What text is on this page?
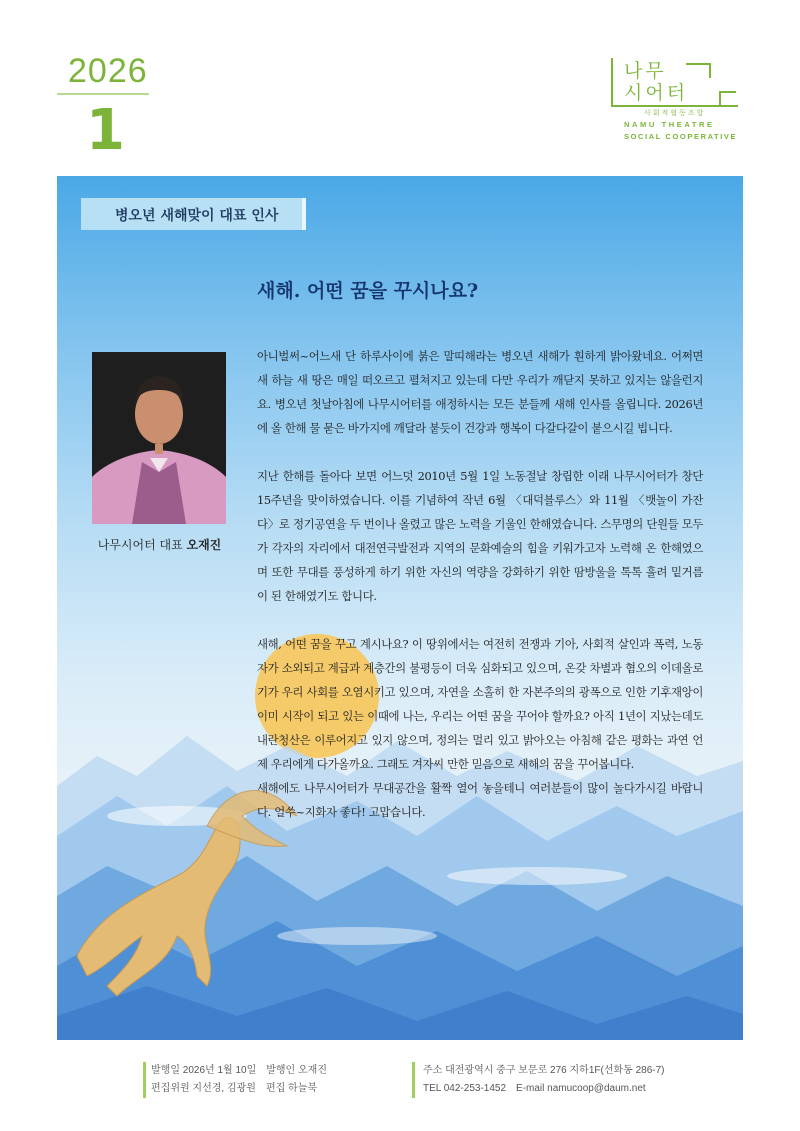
2026
1
나무
시어터
사회적협동조합
NAMU THEATRE
SOCIAL COOPERATIVE
병오년 새해맞이 대표 인사
새해. 어떤 꿈을 꾸시나요?
나무시어터 대표 오재진

아니벌써~어느새 단 하루사이에 붉은 말띠해라는 병오년 새해가 훤하게 밝아왔네요. 어쩌면 새 하늘 새 땅은 매일 떠오르고 펼쳐지고 있는데 다만 우리가 깨닫지 못하고 있지는 않을런지요. 병오년 첫날아침에 나무시어터를 애정하시는 모든 분들께 새해 인사를 올립니다. 2026년에 올 한해 물 묻은 바가지에 깨달라 붙듯이 건강과 행복이 다갈다갈이 붙으시길 빕니다.

지난 한해를 돌아다 보면 어느덧 2010년 5월 1일 노동절날 창립한 이래 나무시어터가 창단 15주년을 맞이하였습니다. 이를 기념하여 작년 6월 〈대덕블루스〉와 11월 〈뱃놀이 가잔다〉로 정기공연을 두 번이나 올렸고 많은 노력을 기울인 한해였습니다. 스무명의 단원들 모두가 각자의 자리에서 대전연극발전과 지역의 문화예술의 힘을 키워가고자 노력해 온 한해였으며 또한 무대를 풍성하게 하기 위한 자신의 역량을 강화하기 위한 땀방울을 톡톡 흘려 밑거름이 된 한해였기도 합니다.

새해, 어떤 꿈을 꾸고 계시나요? 이 땅위에서는 여전히 전쟁과 기아, 사회적 살인과 폭력, 노동자가 소외되고 계급과 계층간의 불평등이 더욱 심화되고 있으며, 온갖 차별과 혐오의 이데올로기가 우리 사회를 오염시키고 있으며, 자연을 소홀히 한 자본주의의 광폭으로 인한 기후재앙이 이미 시작이 되고 있는 이때에 나는, 우리는 어떤 꿈을 꾸어야 할까요? 아직 1년이 지났는데도 내란청산은 이루어지고 있지 않으며, 정의는 멀리 있고 밝아오는 아침해 같은 평화는 과연 언제 우리에게 다가올까요. 그래도 겨자씨 만한 믿음으로 새해의 꿈을 꾸어봅니다.
새해에도 나무시어터가 무대공간을 활짝 열어 놓을테니 여러분들이 많이 놀다가시길 바랍니다. 얼쑤~지화자 좋다! 고맙습니다.

발행일 2026년 1월 10일 발행인 오재진
편집위원 지선경, 김광원 편집 하늘북
주소 대전광역시 중구 보문로 276 지하1F(선화동 286-7)
TEL 042-253-1452 E-mail namucoop@daum.net
